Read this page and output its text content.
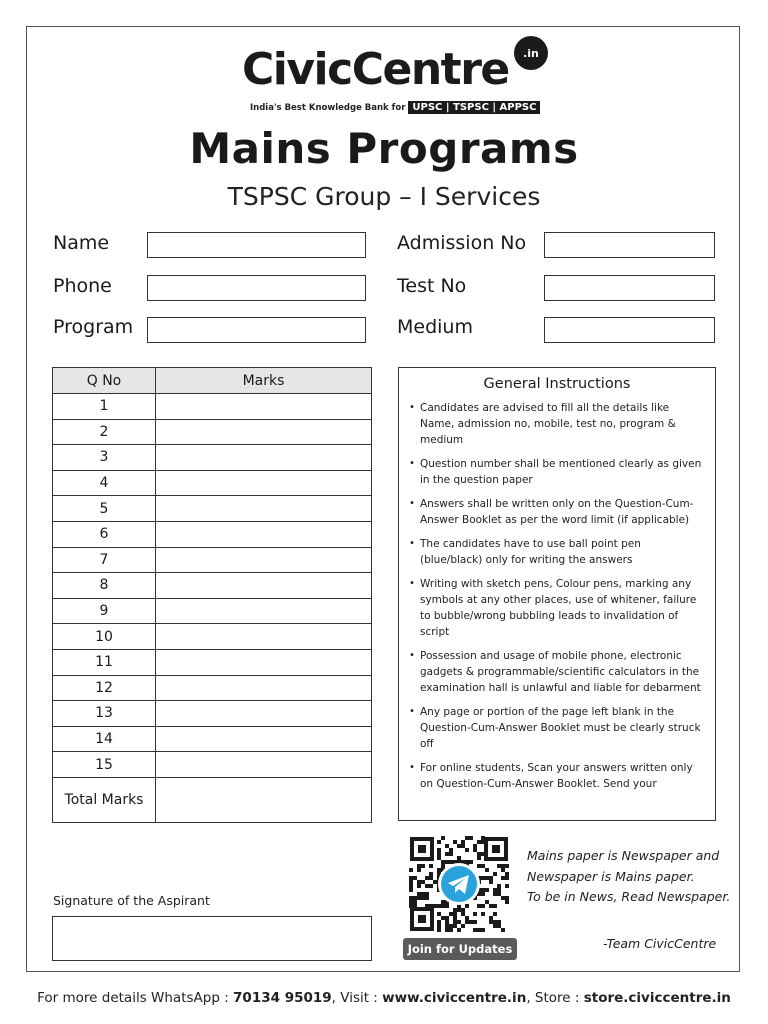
CivicCentre	.in
India's Best Knowledge Bank for UPSC | TSPSC | APPSC
Mains Programs
TSPSC Group – I Services
Name
Phone
Program
Admission No
Test No
Medium
Q No	Marks
1	
2	
3	
4	
5	
6	
7	
8	
9	
10	
11	
12	
13	
14	
15	
Total Marks	
General Instructions
• Candidates are advised to fill all the details like Name, admission no, mobile, test no, program & medium
• Question number shall be mentioned clearly as given in the question paper
• Answers shall be written only on the Question-Cum-Answer Booklet as per the word limit (if applicable)
• The candidates have to use ball point pen (blue/black) only for writing the answers
• Writing with sketch pens, Colour pens, marking any symbols at any other places, use of whitener, failure to bubble/wrong bubbling leads to invalidation of script
• Possession and usage of mobile phone, electronic gadgets & programmable/scientific calculators in the examination hall is unlawful and liable for debarment
• Any page or portion of the page left blank in the Question-Cum-Answer Booklet must be clearly struck off
• For online students, Scan your answers written only on Question-Cum-Answer Booklet. Send your
Signature of the Aspirant
Join for Updates
Mains paper is Newspaper and
Newspaper is Mains paper.
To be in News, Read Newspaper.
-Team CivicCentre
For more details WhatsApp : 70134 95019, Visit : www.civiccentre.in, Store : store.civiccentre.in
